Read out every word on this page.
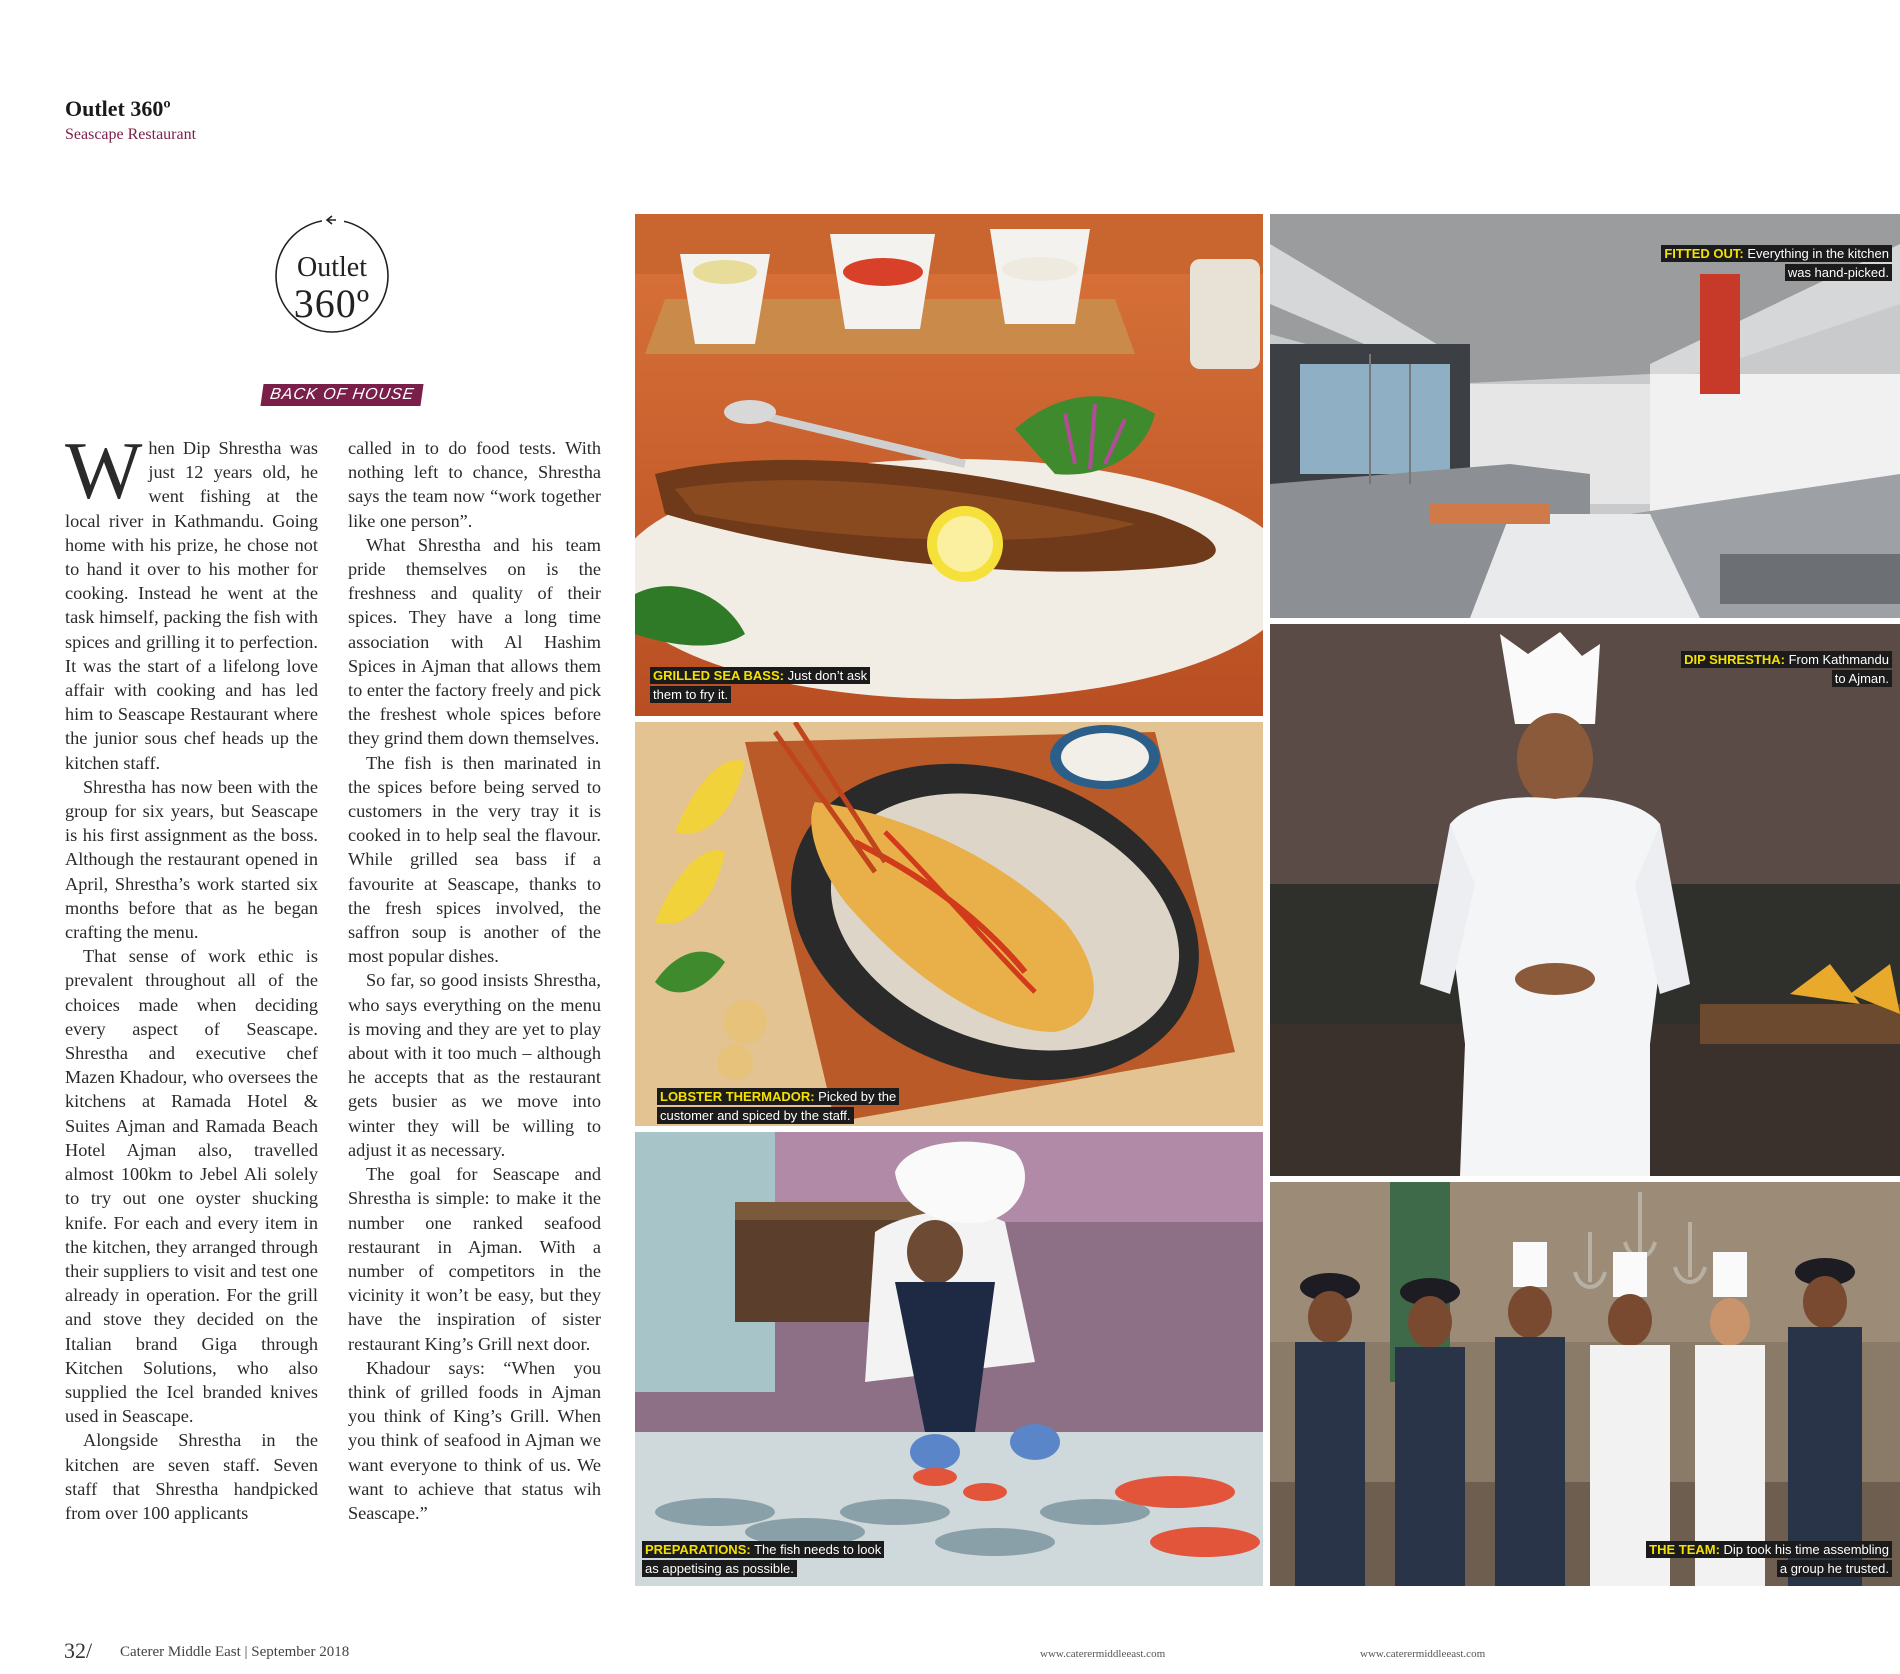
Outlet 360º
Seascape Restaurant
Outlet
360º
BACK OF HOUSE

When Dip Shrestha was just 12 years old, he went fishing at the local river in Kathmandu. Going home with his prize, he chose not to hand it over to his mother for cooking. Instead he went at the task himself, packing the fish with spices and grilling it to perfection. It was the start of a lifelong love affair with cooking and has led him to Seascape Restaurant where the junior sous chef heads up the kitchen staff.

Shrestha has now been with the group for six years, but Seascape is his first assignment as the boss. Although the restaurant opened in April, Shrestha’s work started six months before that as he began crafting the menu.

That sense of work ethic is prevalent throughout all of the choices made when deciding every aspect of Seascape. Shrestha and executive chef Mazen Khadour, who oversees the kitchens at Ramada Hotel & Suites Ajman and Ramada Beach Hotel Ajman also, travelled almost 100km to Jebel Ali solely to try out one oyster shucking knife. For each and every item in the kitchen, they arranged through their suppliers to visit and test one already in operation. For the grill and stove they decided on the Italian brand Giga through Kitchen Solutions, who also supplied the Icel branded knives used in Seascape.

Alongside Shrestha in the kitchen are seven staff. Seven staff that Shrestha handpicked from over 100 applicants

called in to do food tests. With nothing left to chance, Shrestha says the team now “work together like one person”.

What Shrestha and his team pride themselves on is the freshness and quality of their spices. They have a long time association with Al Hashim Spices in Ajman that allows them to enter the factory freely and pick the freshest whole spices before they grind them down themselves.

The fish is then marinated in the spices before being served to customers in the very tray it is cooked in to help seal the flavour. While grilled sea bass if a favourite at Seascape, thanks to the fresh spices involved, the saffron soup is another of the most popular dishes.

So far, so good insists Shrestha, who says everything on the menu is moving and they are yet to play about with it too much – although he accepts that as the restaurant gets busier as we move into winter they will be willing to adjust it as necessary.

The goal for Seascape and Shrestha is simple: to make it the number one ranked seafood restaurant in Ajman. With a number of competitors in the vicinity it won’t be easy, but they have the inspiration of sister restaurant King’s Grill next door.

Khadour says: “When you think of grilled foods in Ajman you think of King’s Grill. When you think of seafood in Ajman we want everyone to think of us. We want to achieve that status wih Seascape.”

GRILLED SEA BASS: Just don’t ask
them to fry it.
LOBSTER THERMADOR: Picked by the
customer and spiced by the staff.
PREPARATIONS: The fish needs to look
as appetising as possible.
FITTED OUT: Everything in the kitchen
was hand-picked.
DIP SHRESTHA: From Kathmandu
to Ajman.
THE TEAM: Dip took his time assembling
a group he trusted.
32/ Caterer Middle East | September 2018	www.caterermiddleeast.com	www.caterermiddleeast.com
